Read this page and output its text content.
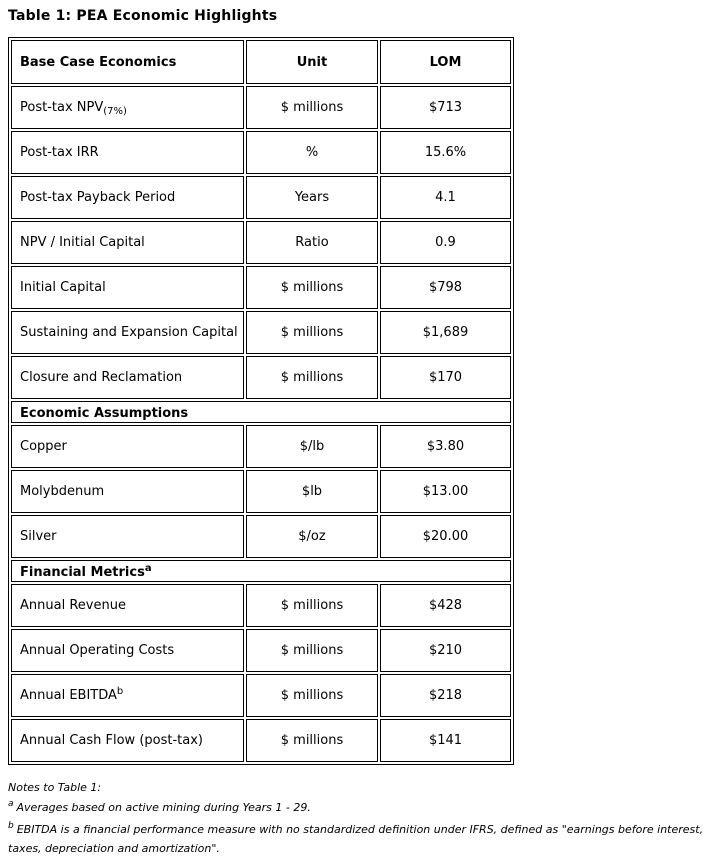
Table 1: PEA Economic Highlights
Base Case Economics	Unit	LOM
Post-tax $NPV_{(7\%)}$	$ millions	$713
Post-tax IRR	%	15.6%
Post-tax Payback Period	Years	4.1
NPV / Initial Capital	Ratio	0.9
Initial Capital	$ millions	$798
Sustaining and Expansion Capital	$ millions	$1,689
Closure and Reclamation	$ millions	$170
Economic Assumptions		
Copper	$/lb	$3.80
Molybdenum	$lb	$13.00
Silver	$/oz	$20.00
Financial Metrics$^a$
Annual Revenue	$ millions	$428
Annual Operating Costs	$ millions	$210
Annual EBITDA$^b$	$ millions	$218
Annual Cash Flow (post-tax)	$ millions	$141
Notes to Table 1:
$^a$ Averages based on active mining during Years 1 - 29.
$^b$ EBITDA is a financial performance measure with no standardized definition under IFRS, defined as "earnings before interest, taxes, depreciation and amortization".
